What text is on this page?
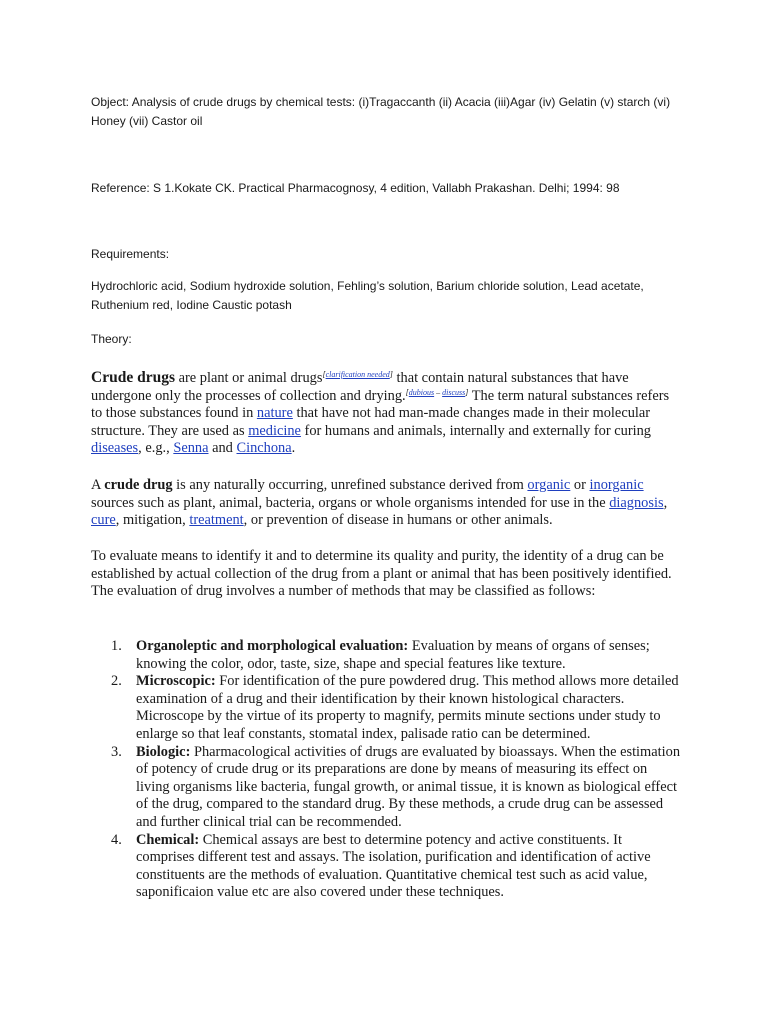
Object: Analysis of crude drugs by chemical tests: (i)Tragaccanth (ii) Acacia (iii)Agar (iv) Gelatin (v) starch (vi) Honey (vii) Castor oil

Reference: S 1.Kokate CK. Practical Pharmacognosy, 4 edition, Vallabh Prakashan. Delhi; 1994: 98

Requirements:

Hydrochloric acid, Sodium hydroxide solution, Fehling’s solution, Barium chloride solution, Lead acetate, Ruthenium red, Iodine Caustic potash

Theory:

Crude drugs are plant or animal drugs[clarification needed] that contain natural substances that have undergone only the processes of collection and drying.[dubious – discuss] The term natural substances refers to those substances found in nature that have not had man-made changes made in their molecular structure. They are used as medicine for humans and animals, internally and externally for curing diseases, e.g., Senna and Cinchona.

A crude drug is any naturally occurring, unrefined substance derived from organic or inorganic sources such as plant, animal, bacteria, organs or whole organisms intended for use in the diagnosis, cure, mitigation, treatment, or prevention of disease in humans or other animals.

To evaluate means to identify it and to determine its quality and purity, the identity of a drug can be established by actual collection of the drug from a plant or animal that has been positively identified. The evaluation of drug involves a number of methods that may be classified as follows:

1. Organoleptic and morphological evaluation: Evaluation by means of organs of senses; knowing the color, odor, taste, size, shape and special features like texture.
2. Microscopic: For identification of the pure powdered drug. This method allows more detailed examination of a drug and their identification by their known histological characters. Microscope by the virtue of its property to magnify, permits minute sections under study to enlarge so that leaf constants, stomatal index, palisade ratio can be determined.
3. Biologic: Pharmacological activities of drugs are evaluated by bioassays. When the estimation of potency of crude drug or its preparations are done by means of measuring its effect on living organisms like bacteria, fungal growth, or animal tissue, it is known as biological effect of the drug, compared to the standard drug. By these methods, a crude drug can be assessed and further clinical trial can be recommended.
4. Chemical: Chemical assays are best to determine potency and active constituents. It comprises different test and assays. The isolation, purification and identification of active constituents are the methods of evaluation. Quantitative chemical test such as acid value, saponificaion value etc are also covered under these techniques.
